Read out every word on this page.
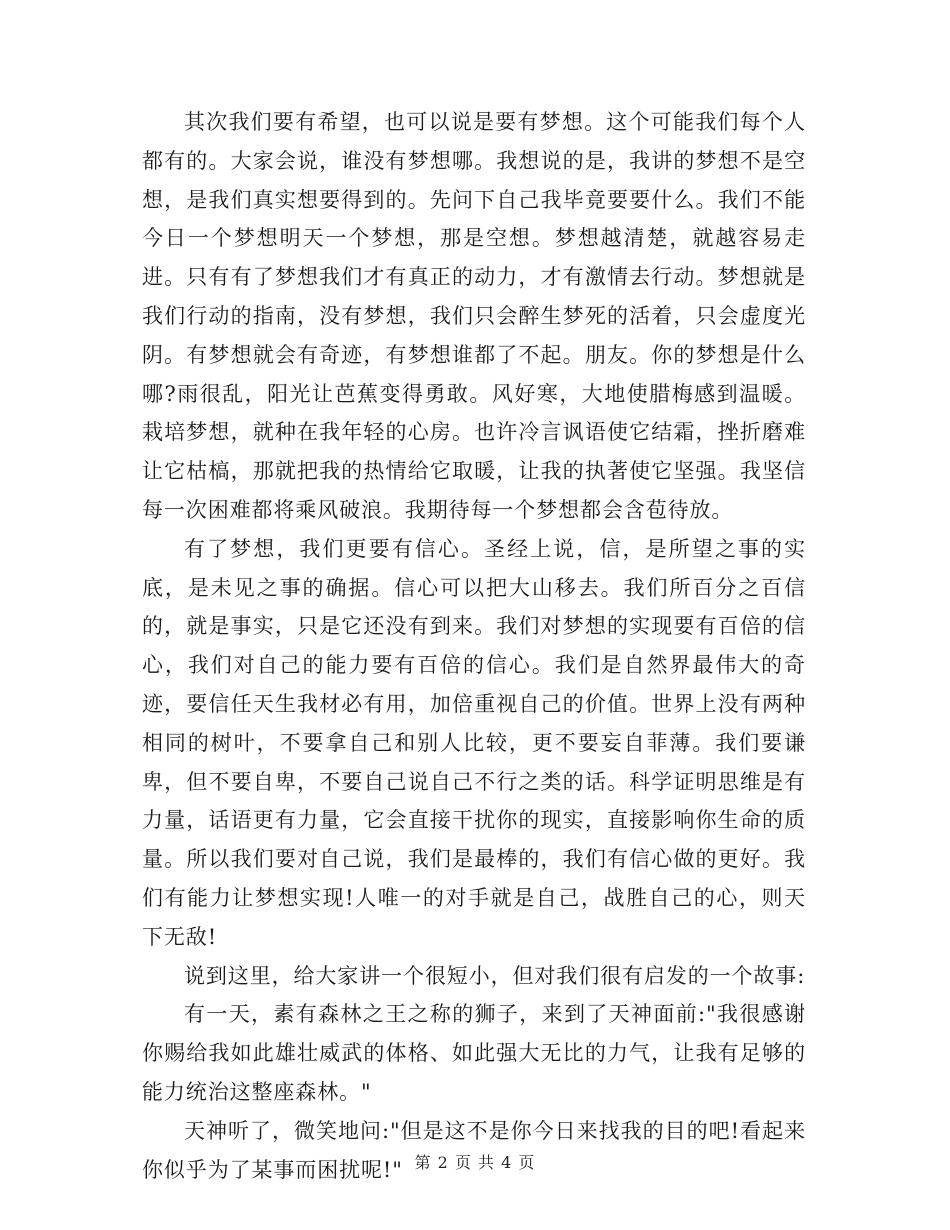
其次我们要有希望，也可以说是要有梦想。这个可能我们每个人都有的。大家会说，谁没有梦想哪。我想说的是，我讲的梦想不是空想，是我们真实想要得到的。先问下自己我毕竟要要什么。我们不能今日一个梦想明天一个梦想，那是空想。梦想越清楚，就越容易走进。只有有了梦想我们才有真正的动力，才有激情去行动。梦想就是我们行动的指南，没有梦想，我们只会醉生梦死的活着，只会虚度光阴。有梦想就会有奇迹，有梦想谁都了不起。朋友。你的梦想是什么哪?雨很乱，阳光让芭蕉变得勇敢。风好寒，大地使腊梅感到温暖。栽培梦想，就种在我年轻的心房。也许冷言讽语使它结霜，挫折磨难让它枯槁，那就把我的热情给它取暖，让我的执著使它坚强。我坚信每一次困难都将乘风破浪。我期待每一个梦想都会含苞待放。

有了梦想，我们更要有信心。圣经上说，信，是所望之事的实底，是未见之事的确据。信心可以把大山移去。我们所百分之百信的，就是事实，只是它还没有到来。我们对梦想的实现要有百倍的信心，我们对自己的能力要有百倍的信心。我们是自然界最伟大的奇迹，要信任天生我材必有用，加倍重视自己的价值。世界上没有两种相同的树叶，不要拿自己和别人比较，更不要妄自菲薄。我们要谦卑，但不要自卑，不要自己说自己不行之类的话。科学证明思维是有力量，话语更有力量，它会直接干扰你的现实，直接影响你生命的质量。所以我们要对自己说，我们是最棒的，我们有信心做的更好。我们有能力让梦想实现!人唯一的对手就是自己，战胜自己的心，则天下无敌!

说到这里，给大家讲一个很短小，但对我们很有启发的一个故事:

有一天，素有森林之王之称的狮子，来到了天神面前:"我很感谢你赐给我如此雄壮威武的体格、如此强大无比的力气，让我有足够的能力统治这整座森林。"

天神听了，微笑地问:"但是这不是你今日来找我的目的吧!看起来你似乎为了某事而困扰呢!" 第 2 页 共 4 页
